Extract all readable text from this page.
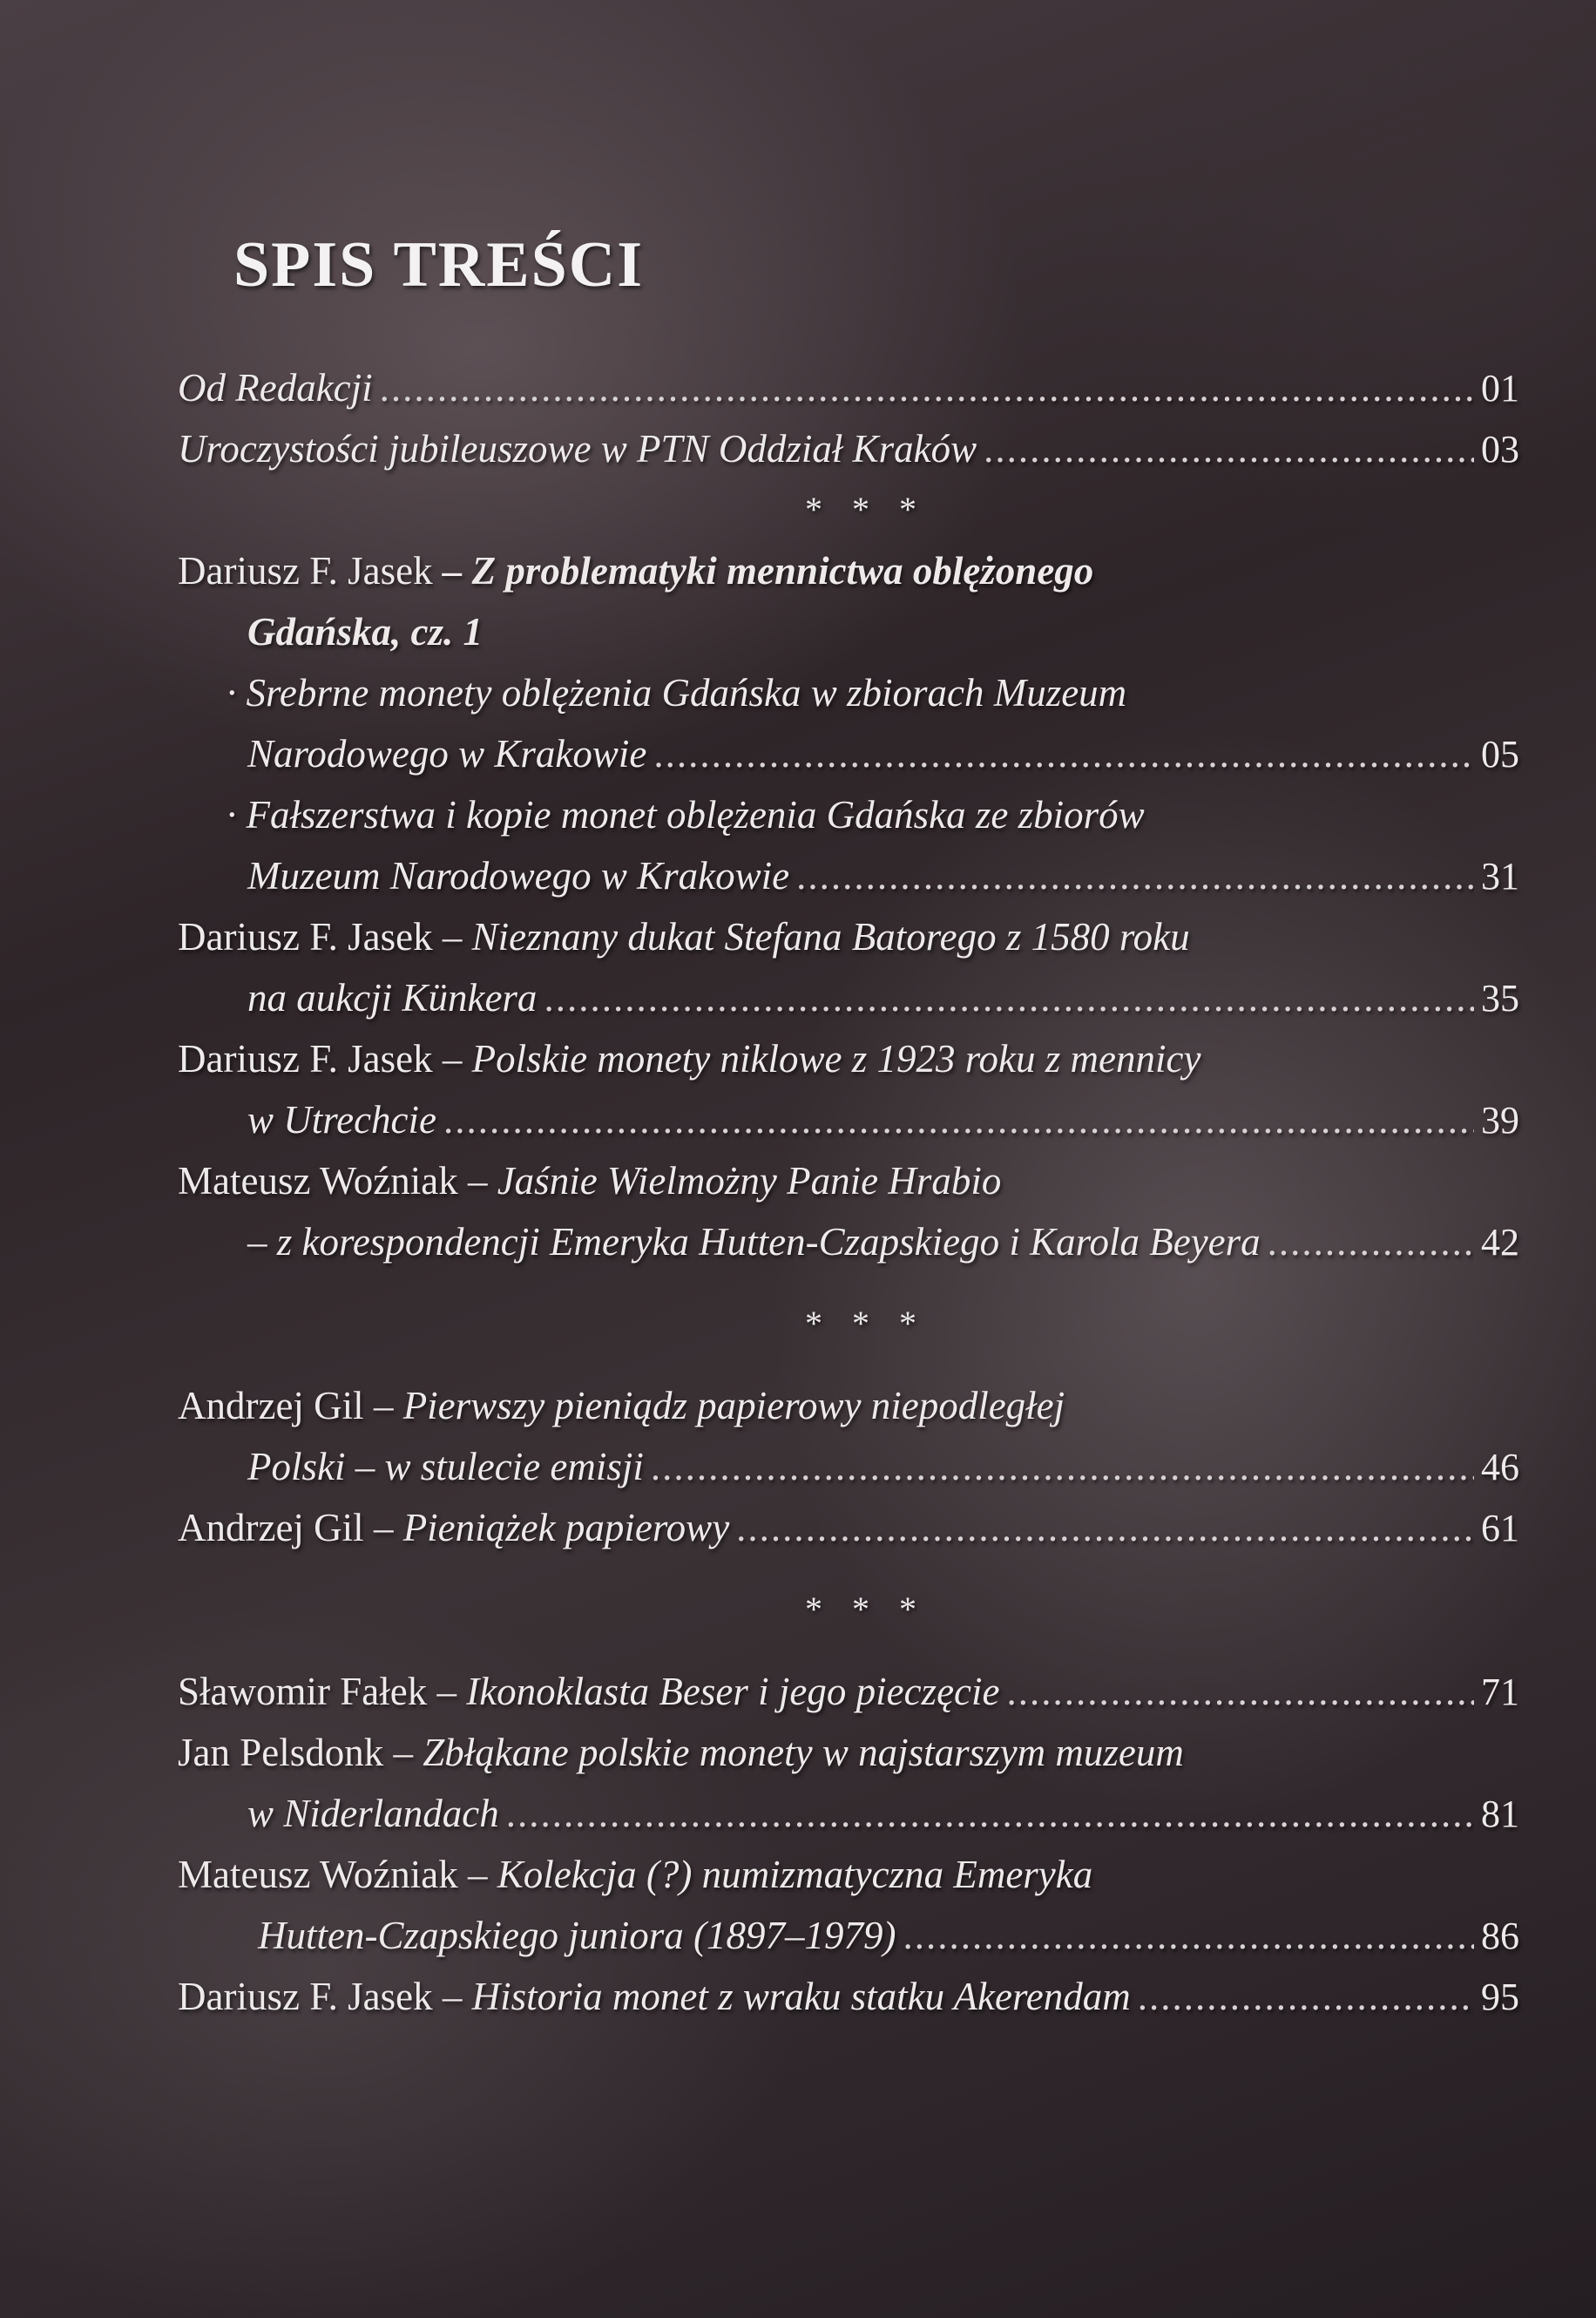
SPIS TREŚCI
Od Redakcji .....	01
Uroczystości jubileuszowe w PTN Oddział Kraków .....	03
* * *
Dariusz F. Jasek – Z problematyki mennictwa oblężonego
Gdańska, cz. 1
· Srebrne monety oblężenia Gdańska w zbiorach Muzeum
Narodowego w Krakowie .....	05
· Fałszerstwa i kopie monet oblężenia Gdańska ze zbiorów
Muzeum Narodowego w Krakowie .....	31
Dariusz F. Jasek – Nieznany dukat Stefana Batorego z 1580 roku
na aukcji Künkera .....	35
Dariusz F. Jasek – Polskie monety niklowe z 1923 roku z mennicy
w Utrechcie .....	39
Mateusz Woźniak – Jaśnie Wielmożny Panie Hrabio
– z korespondencji Emeryka Hutten-Czapskiego i Karola Beyera .....	42
* * *
Andrzej Gil – Pierwszy pieniądz papierowy niepodległej
Polski – w stulecie emisji .....	46
Andrzej Gil – Pieniążek papierowy .....	61
* * *
Sławomir Fałek – Ikonoklasta Beser i jego pieczęcie .....	71
Jan Pelsdonk – Zbłąkane polskie monety w najstarszym muzeum
w Niderlandach .....	81
Mateusz Woźniak – Kolekcja (?) numizmatyczna Emeryka
Hutten-Czapskiego juniora (1897–1979) .....	86
Dariusz F. Jasek – Historia monet z wraku statku Akerendam .....	95
